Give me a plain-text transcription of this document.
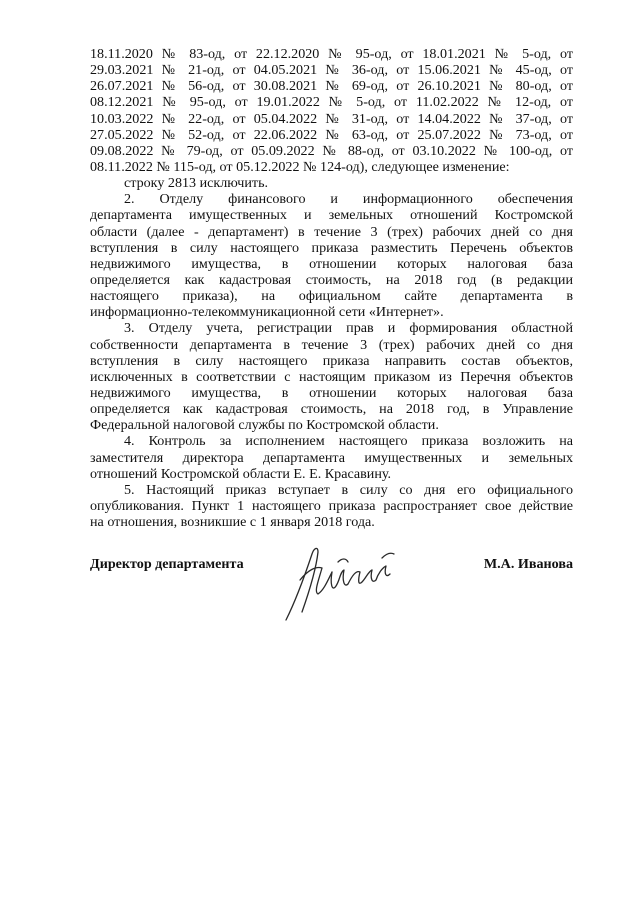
18.11.2020 № 83-од, от 22.12.2020 № 95-од, от 18.01.2021 № 5-од, от
29.03.2021 № 21-од, от 04.05.2021 № 36-од, от 15.06.2021 № 45-од, от
26.07.2021 № 56-од, от 30.08.2021 № 69-од, от 26.10.2021 № 80-од, от
08.12.2021 № 95-од, от 19.01.2022 № 5-од, от 11.02.2022 № 12-од, от
10.03.2022 № 22-од, от 05.04.2022 № 31-од, от 14.04.2022 № 37-од, от
27.05.2022 № 52-од, от 22.06.2022 № 63-од, от 25.07.2022 № 73-од, от
09.08.2022 № 79-од, от 05.09.2022 № 88-од, от 03.10.2022 № 100-од, от
08.11.2022 № 115-од, от 05.12.2022 № 124-од), следующее изменение:
строку 2813 исключить.
2. Отделу финансового и информационного обеспечения
департамента имущественных и земельных отношений Костромской
области (далее - департамент) в течение 3 (трех) рабочих дней со дня
вступления в силу настоящего приказа разместить Перечень объектов
недвижимого имущества, в отношении которых налоговая база
определяется как кадастровая стоимость, на 2018 год (в редакции
настоящего приказа), на официальном сайте департамента в
информационно-телекоммуникационной сети «Интернет».
3. Отделу учета, регистрации прав и формирования областной
собственности департамента в течение 3 (трех) рабочих дней со дня
вступления в силу настоящего приказа направить состав объектов,
исключенных в соответствии с настоящим приказом из Перечня объектов
недвижимого имущества, в отношении которых налоговая база
определяется как кадастровая стоимость, на 2018 год, в Управление
Федеральной налоговой службы по Костромской области.
4. Контроль за исполнением настоящего приказа возложить на
заместителя директора департамента имущественных и земельных
отношений Костромской области Е. Е. Красавину.
5. Настоящий приказ вступает в силу со дня его официального
опубликования. Пункт 1 настоящего приказа распространяет свое действие
на отношения, возникшие с 1 января 2018 года.
Директор департамента	М.А. Иванова
